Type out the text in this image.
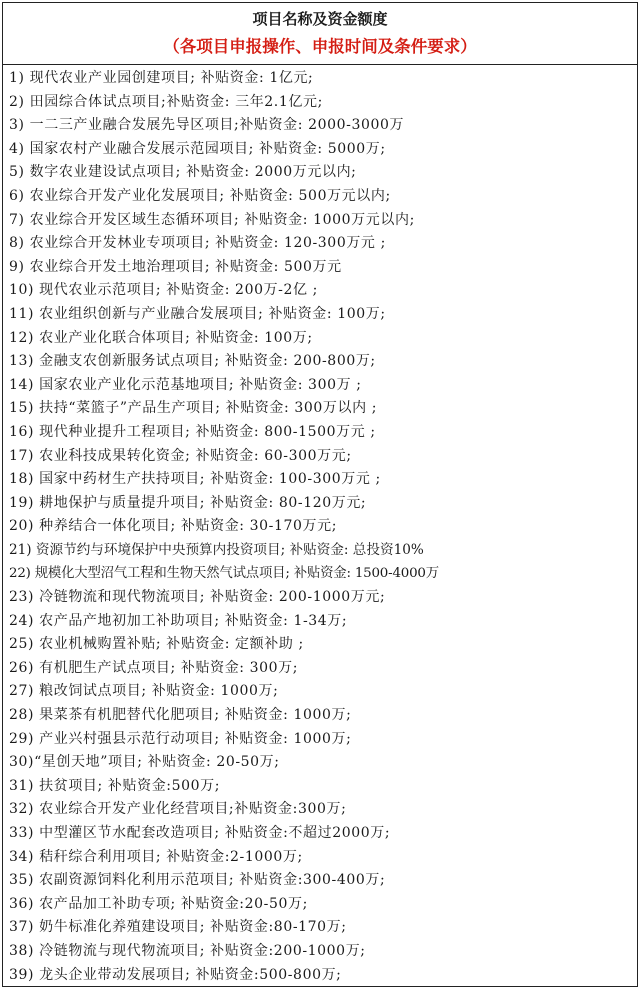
项目名称及资金额度
（各项目申报操作、申报时间及条件要求）
1) 现代农业产业园创建项目; 补贴资金: 1亿元;
2) 田园综合体试点项目;补贴资金: 三年2.1亿元;
3) 一二三产业融合发展先导区项目;补贴资金: 2000-3000万
4) 国家农村产业融合发展示范园项目; 补贴资金: 5000万;
5) 数字农业建设试点项目; 补贴资金: 2000万元以内;
6) 农业综合开发产业化发展项目; 补贴资金: 500万元以内;
7) 农业综合开发区域生态循环项目; 补贴资金: 1000万元以内;
8) 农业综合开发林业专项项目; 补贴资金: 120-300万元 ;
9) 农业综合开发土地治理项目; 补贴资金: 500万元
10) 现代农业示范项目; 补贴资金: 200万-2亿 ;
11) 农业组织创新与产业融合发展项目; 补贴资金: 100万;
12) 农业产业化联合体项目; 补贴资金: 100万;
13) 金融支农创新服务试点项目; 补贴资金: 200-800万;
14) 国家农业产业化示范基地项目; 补贴资金: 300万 ;
15) 扶持“菜篮子”产品生产项目; 补贴资金: 300万以内 ;
16) 现代种业提升工程项目; 补贴资金: 800-1500万元 ;
17) 农业科技成果转化资金; 补贴资金: 60-300万元;
18) 国家中药材生产扶持项目; 补贴资金: 100-300万元 ;
19) 耕地保护与质量提升项目; 补贴资金: 80-120万元;
20) 种养结合一体化项目; 补贴资金: 30-170万元;
21) 资源节约与环境保护中央预算内投资项目; 补贴资金: 总投资10%
22) 规模化大型沼气工程和生物天然气试点项目; 补贴资金: 1500-4000万
23) 冷链物流和现代物流项目; 补贴资金: 200-1000万元;
24) 农产品产地初加工补助项目; 补贴资金: 1-34万;
25) 农业机械购置补贴; 补贴资金: 定额补助 ;
26) 有机肥生产试点项目; 补贴资金: 300万;
27) 粮改饲试点项目; 补贴资金: 1000万;
28) 果菜茶有机肥替代化肥项目; 补贴资金: 1000万;
29) 产业兴村强县示范行动项目; 补贴资金: 1000万;
30)“星创天地”项目; 补贴资金: 20-50万;
31) 扶贫项目; 补贴资金:500万;
32) 农业综合开发产业化经营项目;补贴资金:300万;
33) 中型灌区节水配套改造项目; 补贴资金:不超过2000万;
34) 秸秆综合利用项目; 补贴资金:2-1000万;
35) 农副资源饲料化利用示范项目; 补贴资金:300-400万;
36) 农产品加工补助专项; 补贴资金:20-50万;
37) 奶牛标准化养殖建设项目; 补贴资金:80-170万;
38) 冷链物流与现代物流项目; 补贴资金:200-1000万;
39) 龙头企业带动发展项目; 补贴资金:500-800万;
